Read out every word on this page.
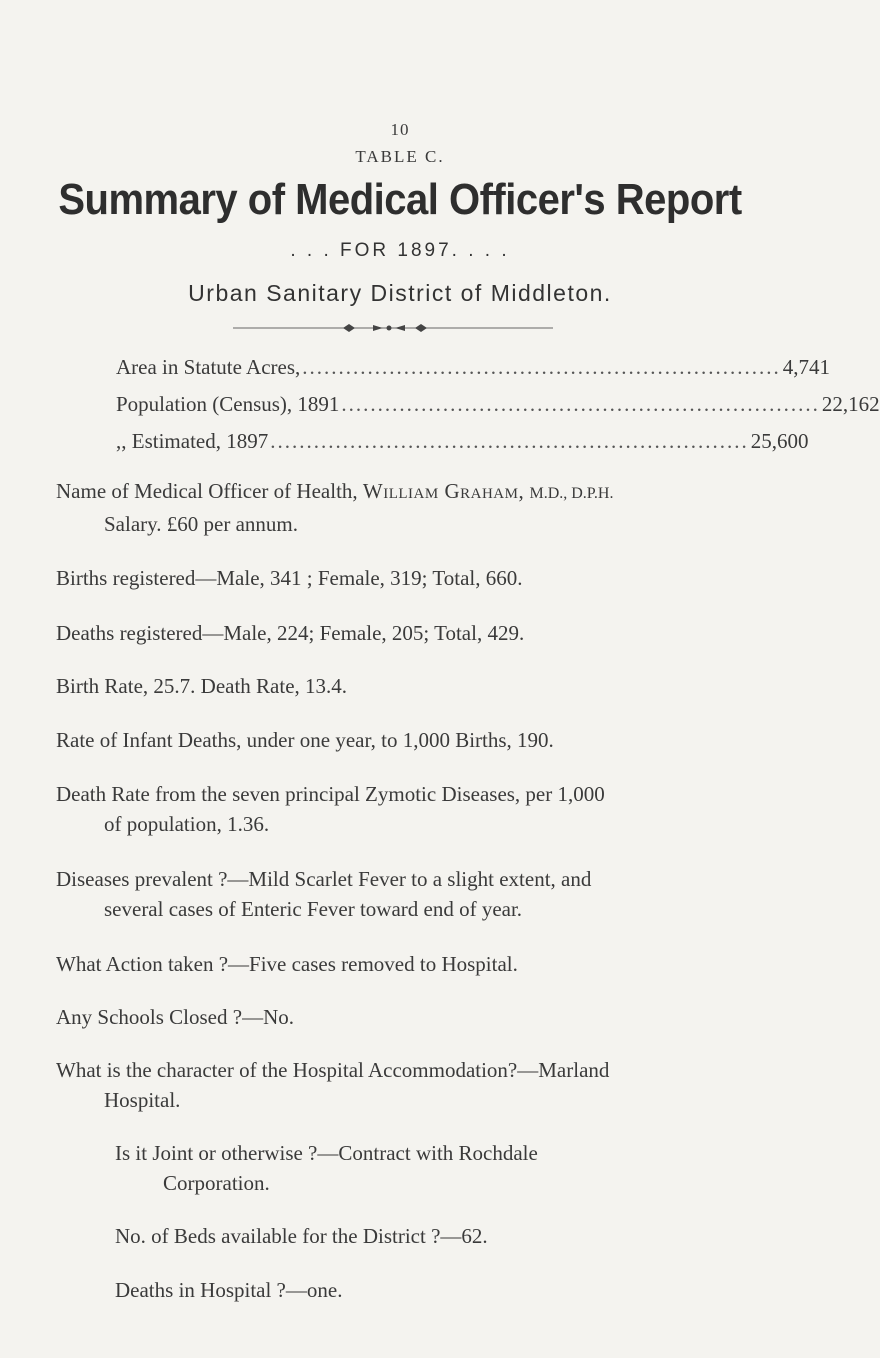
10
TABLE C.
Summary of Medical Officer's Report
. . . FOR 1897. . . .
Urban Sanitary District of Middleton.
Area in Statute Acres, .................................................................. 4,741
Population (Census), 1891 .................................................................. 22,162
,, Estimated, 1897 .................................................................. 25,600
Name of Medical Officer of Health, William Graham, M.D., D.P.H.
Salary. £60 per annum.
Births registered—Male, 341 ; Female, 319; Total, 660.
Deaths registered—Male, 224; Female, 205; Total, 429.
Birth Rate, 25.7. Death Rate, 13.4.
Rate of Infant Deaths, under one year, to 1,000 Births, 190.
Death Rate from the seven principal Zymotic Diseases, per 1,000
of population, 1.36.
Diseases prevalent ?—Mild Scarlet Fever to a slight extent, and
several cases of Enteric Fever toward end of year.
What Action taken ?—Five cases removed to Hospital.
Any Schools Closed ?—No.
What is the character of the Hospital Accommodation?—Marland
Hospital.
Is it Joint or otherwise ?—Contract with Rochdale
Corporation.
No. of Beds available for the District ?—62.
Deaths in Hospital ?—one.
